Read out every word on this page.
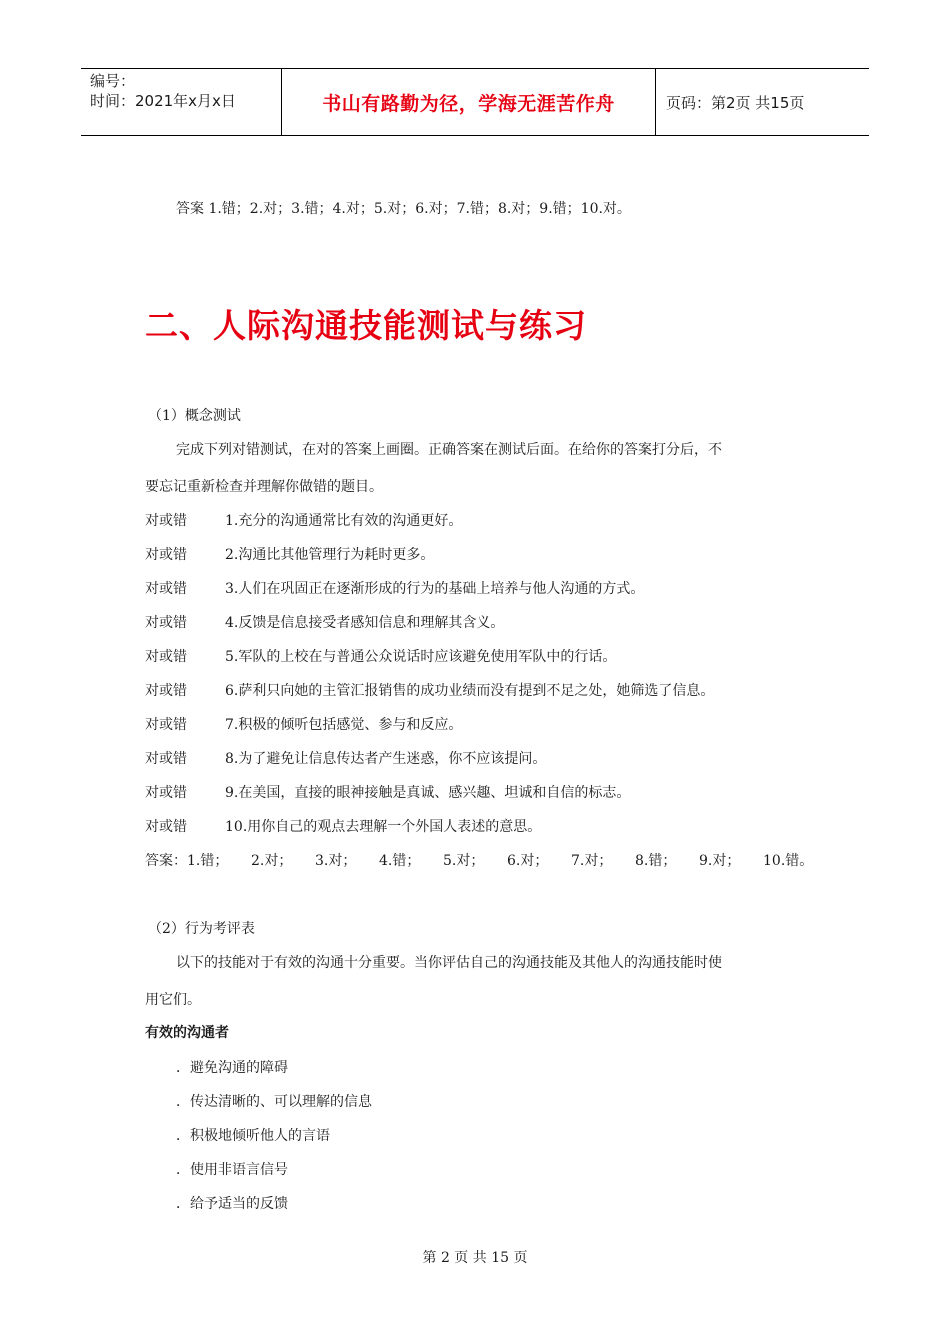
编号：
时间：2021年x月x日	书山有路勤为径，学海无涯苦作舟	页码：第2页 共15页
答案 1.错；2.对；3.错；4.对；5.对；6.对；7.错；8.对；9.错；10.对。
二、人际沟通技能测试与练习
（1）概念测试
完成下列对错测试，在对的答案上画圈。正确答案在测试后面。在给你的答案打分后，不
要忘记重新检查并理解你做错的题目。
对或错	1.充分的沟通通常比有效的沟通更好。
对或错	2.沟通比其他管理行为耗时更多。
对或错	3.人们在巩固正在逐渐形成的行为的基础上培养与他人沟通的方式。
对或错	4.反馈是信息接受者感知信息和理解其含义。
对或错	5.军队的上校在与普通公众说话时应该避免使用军队中的行话。
对或错	6.萨利只向她的主管汇报销售的成功业绩而没有提到不足之处，她筛选了信息。
对或错	7.积极的倾听包括感觉、参与和反应。
对或错	8.为了避免让信息传达者产生迷惑，你不应该提问。
对或错	9.在美国，直接的眼神接触是真诚、感兴趣、坦诚和自信的标志。
对或错	10.用你自己的观点去理解一个外国人表述的意思。
答案： 1.错；	2.对；	3.对；	4.错；	5.对；	6.对；	7.对；	8.错；	9.对；	10.错。
（2）行为考评表
以下的技能对于有效的沟通十分重要。当你评估自己的沟通技能及其他人的沟通技能时使
用它们。
有效的沟通者
．避免沟通的障碍
．传达清晰的、可以理解的信息
．积极地倾听他人的言语
．使用非语言信号
．给予适当的反馈
第 2 页 共 15 页
